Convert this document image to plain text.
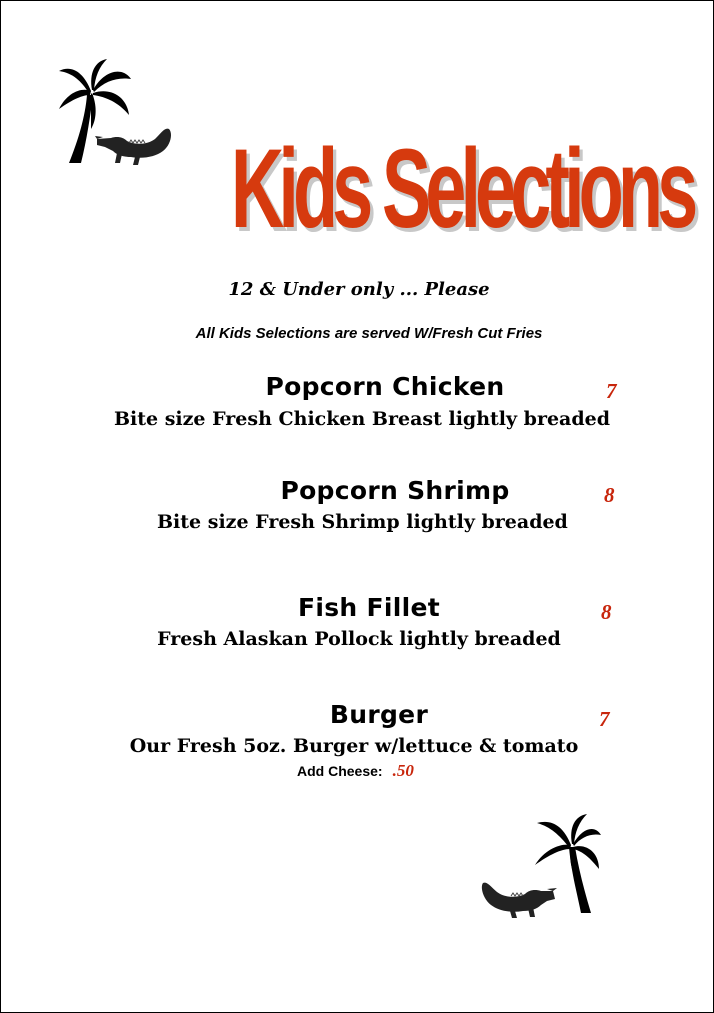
Kids Selections
12 & Under only ... Please
All Kids Selections are served W/Fresh Cut Fries
Popcorn Chicken	7
Bite size Fresh Chicken Breast lightly breaded
Popcorn Shrimp	8
Bite size Fresh Shrimp lightly breaded
Fish Fillet	8
Fresh Alaskan Pollock lightly breaded
Burger	7
Our Fresh 5oz. Burger w/lettuce & tomato
Add Cheese: .50
